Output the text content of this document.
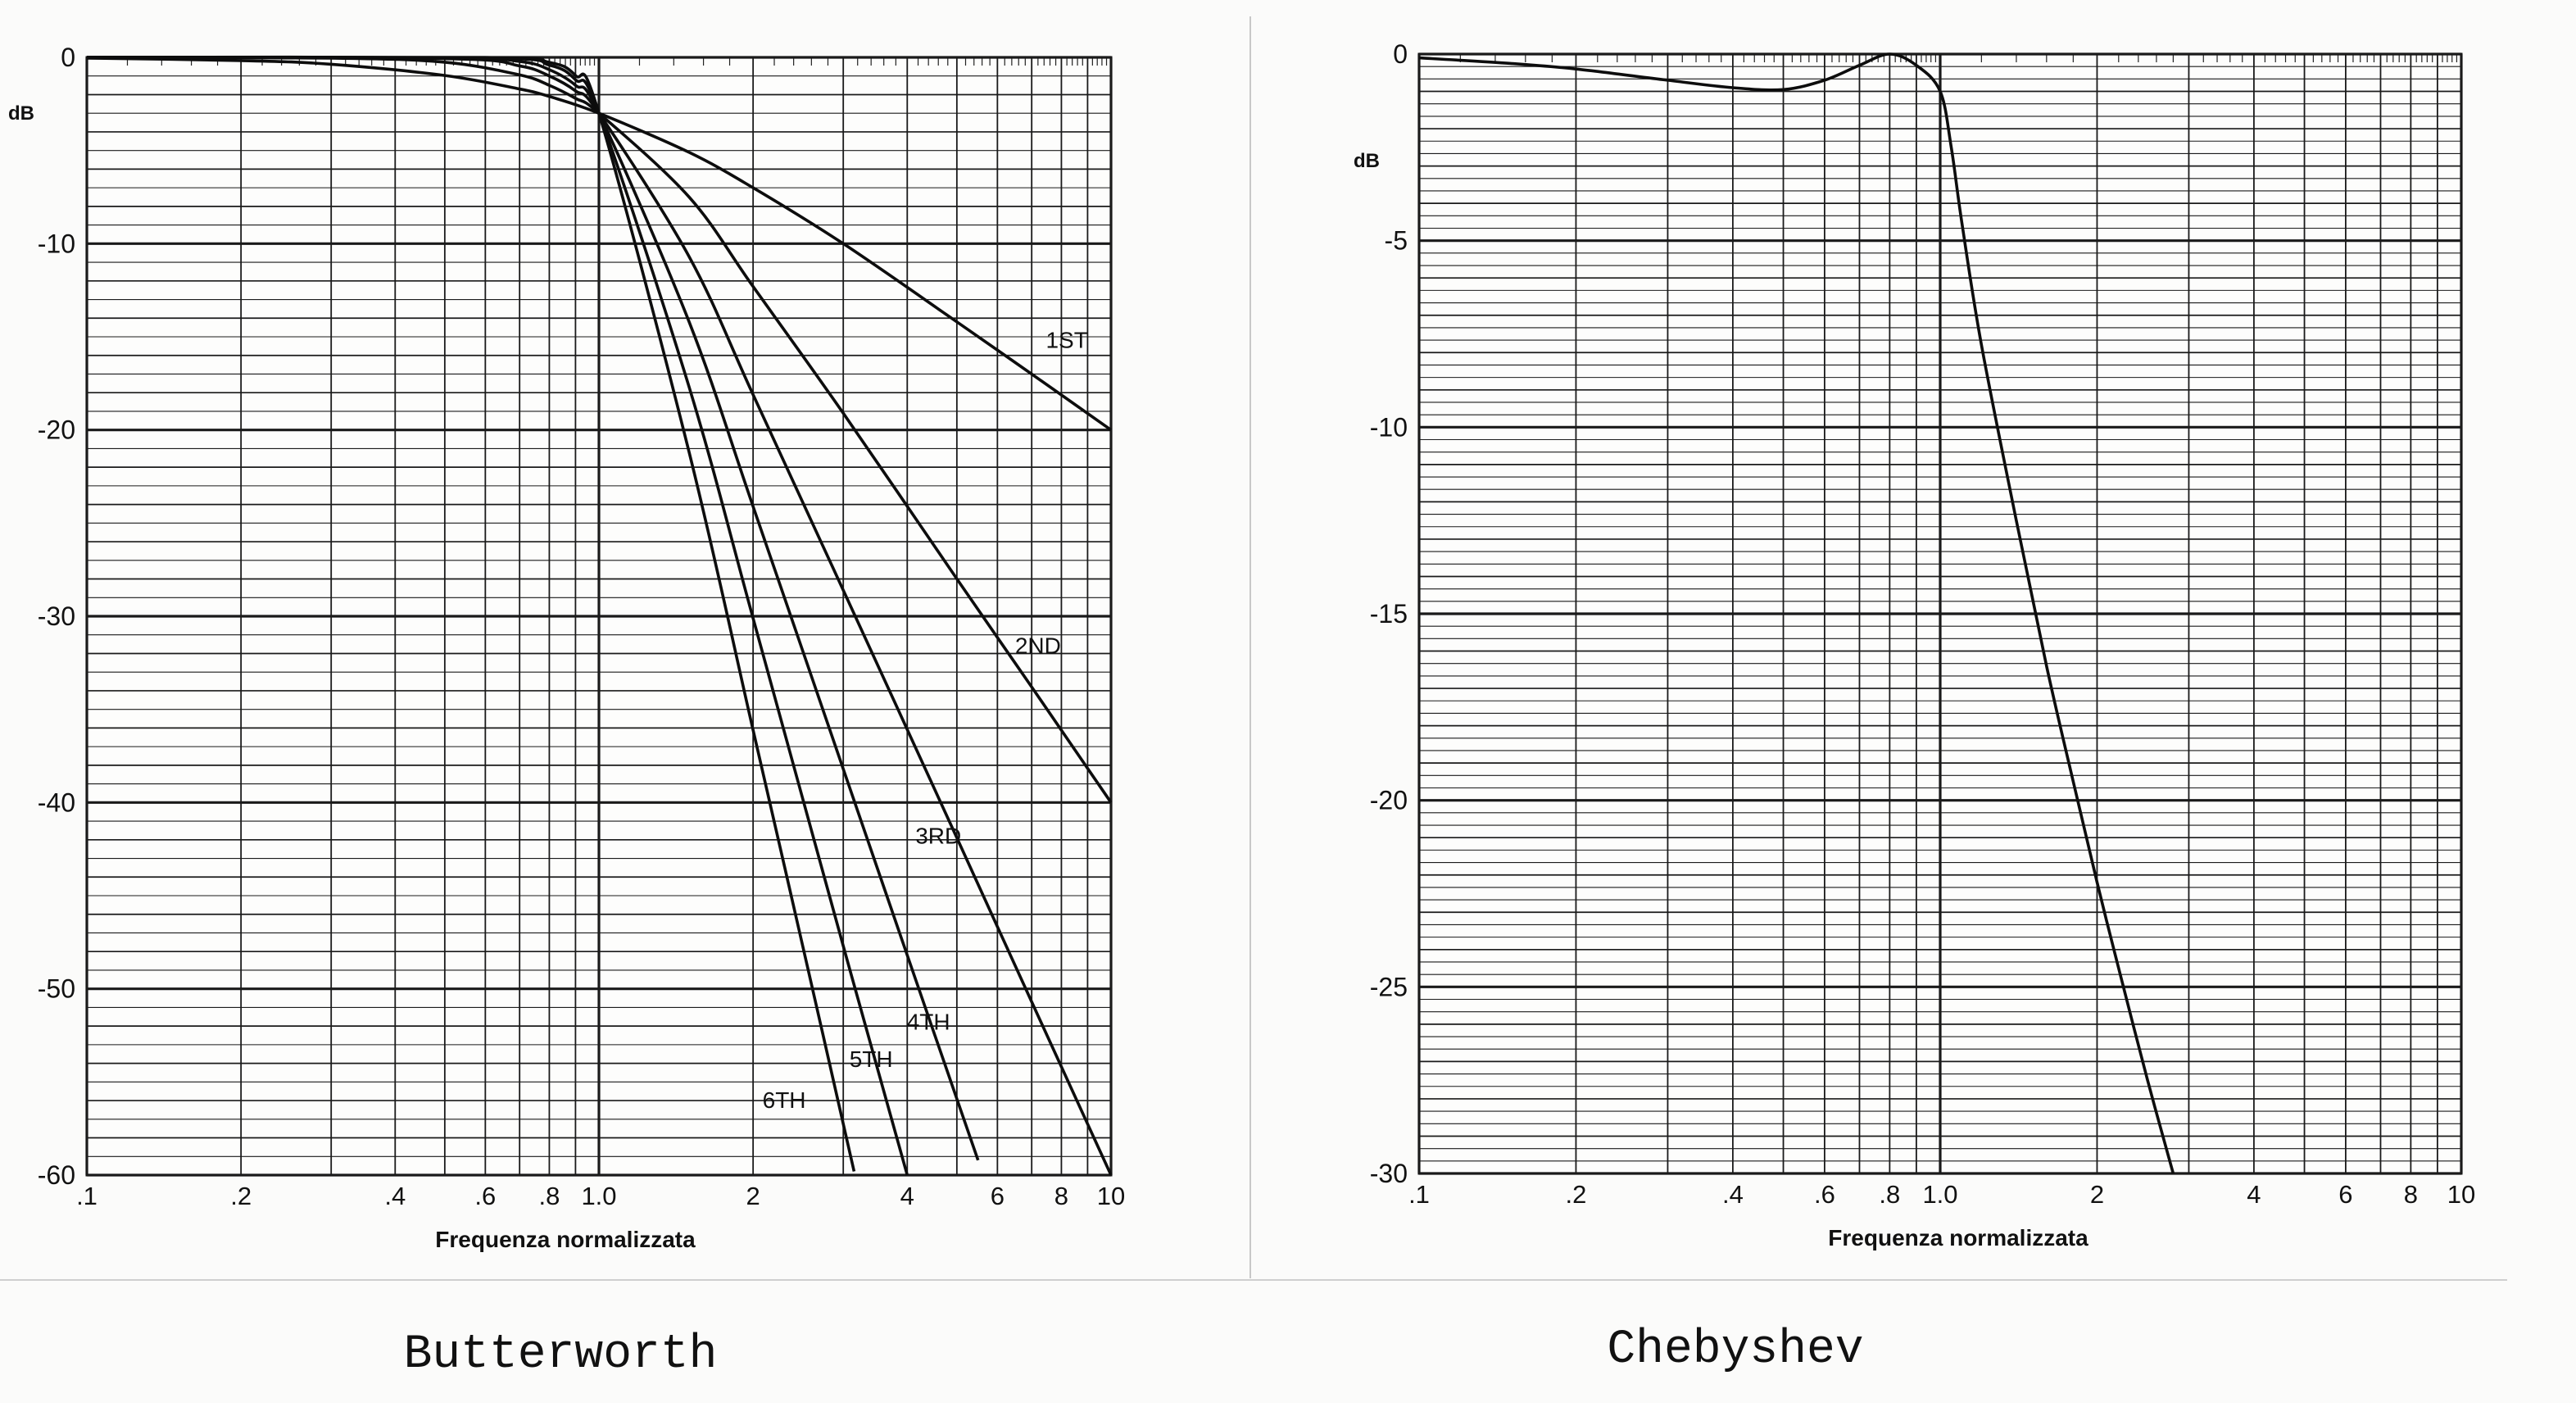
1ST
2ND
3RD
4TH
5TH
6TH
.1	.2	.4	.6 .8 1.0	2	4	6 8 10
0
-10
-20
-30
-40
-50
-60
dB
Frequenza normalizzata
Butterworth
.1	.2	.4	.6 .8 1.0	2	4	6 8 10
0
-5
-10
-15
-20
-25
-30
dB
Frequenza normalizzata
Chebyshev
